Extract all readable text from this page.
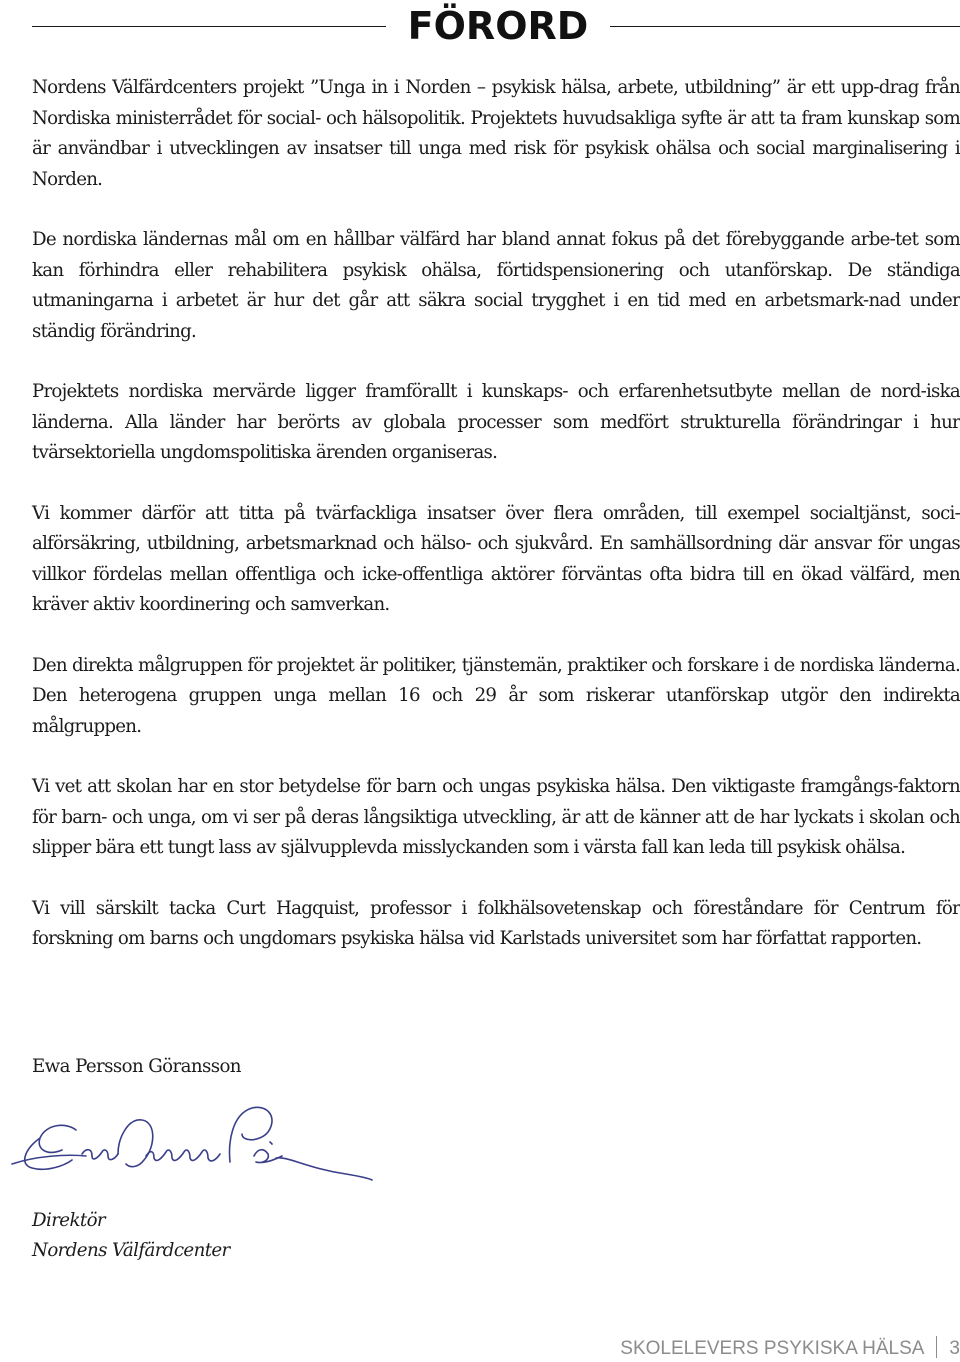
FÖRORD

Nordens Välfärdcenters projekt ”Unga in i Norden – psykisk hälsa, arbete, utbildning” är ett upp-drag från Nordiska ministerrådet för social- och hälsopolitik. Projektets huvudsakliga syfte är att ta fram kunskap som är användbar i utvecklingen av insatser till unga med risk för psykisk ohälsa och social marginalisering i Norden.

De nordiska ländernas mål om en hållbar välfärd har bland annat fokus på det förebyggande arbe-tet som kan förhindra eller rehabilitera psykisk ohälsa, förtidspensionering och utanförskap. De ständiga utmaningarna i arbetet är hur det går att säkra social trygghet i en tid med en arbetsmark-nad under ständig förändring.

Projektets nordiska mervärde ligger framförallt i kunskaps- och erfarenhetsutbyte mellan de nord-iska länderna. Alla länder har berörts av globala processer som medfört strukturella förändringar i hur tvärsektoriella ungdomspolitiska ärenden organiseras.

Vi kommer därför att titta på tvärfackliga insatser över flera områden, till exempel socialtjänst, soci-alförsäkring, utbildning, arbetsmarknad och hälso- och sjukvård. En samhällsordning där ansvar för ungas villkor fördelas mellan offentliga och icke-offentliga aktörer förväntas ofta bidra till en ökad välfärd, men kräver aktiv koordinering och samverkan.

Den direkta målgruppen för projektet är politiker, tjänstemän, praktiker och forskare i de nordiska länderna. Den heterogena gruppen unga mellan 16 och 29 år som riskerar utanförskap utgör den indirekta målgruppen.

Vi vet att skolan har en stor betydelse för barn och ungas psykiska hälsa. Den viktigaste framgångs-faktorn för barn- och unga, om vi ser på deras långsiktiga utveckling, är att de känner att de har lyckats i skolan och slipper bära ett tungt lass av självupplevda misslyckanden som i värsta fall kan leda till psykisk ohälsa.

Vi vill särskilt tacka Curt Hagquist, professor i folkhälsovetenskap och föreståndare för Centrum för forskning om barns och ungdomars psykiska hälsa vid Karlstads universitet som har författat rapporten.

Ewa Persson Göransson

Direktör
Nordens Välfärdcenter
SKOLELEVERS PSYKISKA HÄLSA 3
